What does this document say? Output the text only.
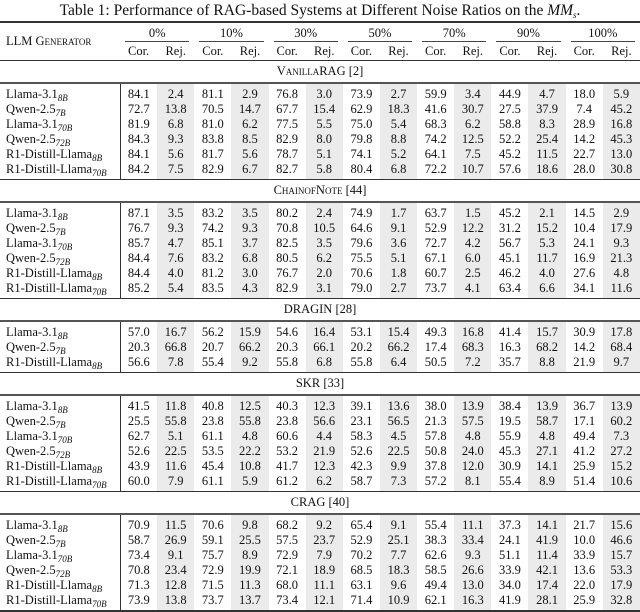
Table 1: Performance of RAG-based Systems at Different Noise Ratios on the $MM_s$.
LLM Generator	0%		10%		30%		50%		70%		90%		100%	

	Cor.	Rej.	Cor.	Rej.	Cor.	Rej.	Cor.	Rej.	Cor.	Rej.	Cor.	Rej.	Cor.	Rej.
VanillaRAG [2]														
Llama-$3.1_{8B}$	84.1	2.4	81.1	2.9	76.8	3.0	73.9	2.7	59.9	3.4	44.9	4.7	18.0	5.9
Qwen-$2.5_{7B}$	72.7	13.8	70.5	14.7	67.7	15.4	62.9	18.3	41.6	30.7	27.5	37.9	7.4	45.2
Llama-$3.1_{70B}$	81.9	6.8	81.0	6.2	77.5	5.5	75.0	5.4	68.3	6.2	58.8	8.3	28.9	16.8
Qwen-$2.5_{72B}$	84.3	9.3	83.8	8.5	82.9	8.0	79.8	8.8	74.2	12.5	52.2	25.4	14.2	45.3
R1-Distill-Llama$_{8B}$	84.1	5.6	81.7	5.6	78.7	5.1	74.1	5.2	64.1	7.5	45.2	11.5	22.7	13.0
R1-Distill-Llama$_{70B}$	84.2	7.5	82.9	6.7	82.7	5.8	80.4	6.8	72.2	10.7	57.6	18.6	28.0	30.8
ChainofNote [44]														
Llama-$3.1_{8B}$	87.1	3.5	83.2	3.5	80.2	2.4	74.9	1.7	63.7	1.5	45.2	2.1	14.5	2.9
Qwen-$2.5_{7B}$	76.7	9.3	74.2	9.3	70.8	10.5	64.6	9.1	52.9	12.2	31.2	15.2	10.4	17.9
Llama-$3.1_{70B}$	85.7	4.7	85.1	3.7	82.5	3.5	79.6	3.6	72.7	4.2	56.7	5.3	24.1	9.3
Qwen-$2.5_{72B}$	84.4	7.6	83.2	6.8	80.5	6.2	75.5	5.1	67.1	6.0	45.1	11.7	16.9	21.3
R1-Distill-Llama$_{8B}$	84.4	4.0	81.2	3.0	76.7	2.0	70.6	1.8	60.7	2.5	46.2	4.0	27.6	4.8
R1-Distill-Llama$_{70B}$	85.2	5.4	83.5	4.3	82.9	3.1	79.0	2.7	73.7	4.1	63.4	6.6	34.1	11.6
DRAGIN [28]														
Llama-$3.1_{8B}$	57.0	16.7	56.2	15.9	54.6	16.4	53.1	15.4	49.3	16.8	41.4	15.7	30.9	17.8
Qwen-$2.5_{7B}$	20.3	66.8	20.7	66.2	20.3	66.1	20.2	66.2	17.4	68.3	16.3	68.2	14.2	68.4
R1-Distill-Llama$_{8B}$	56.6	7.8	55.4	9.2	55.8	6.8	55.8	6.4	50.5	7.2	35.7	8.8	21.9	9.7
SKR [33]														
Llama-$3.1_{8B}$	41.5	11.8	40.8	12.5	40.3	12.3	39.1	13.6	38.0	13.9	38.4	13.9	36.7	13.9
Qwen-$2.5_{7B}$	25.5	55.8	23.8	55.8	23.8	56.6	23.1	56.5	21.3	57.5	19.5	58.7	17.1	60.2
Llama-$3.1_{70B}$	62.7	5.1	61.1	4.8	60.6	4.4	58.3	4.5	57.8	4.8	55.9	4.8	49.4	7.3
Qwen-$2.5_{72B}$	52.6	22.5	53.5	22.2	53.2	21.9	52.6	22.5	50.8	24.0	45.3	27.1	41.2	27.2
R1-Distill-Llama$_{8B}$	43.9	11.6	45.4	10.8	41.7	12.3	42.3	9.9	37.8	12.0	30.9	14.1	25.9	15.2
R1-Distill-Llama$_{70B}$	60.0	7.9	61.1	5.9	61.2	6.2	58.7	7.3	57.2	8.1	55.4	8.9	51.4	10.6
CRAG [40]														
Llama-$3.1_{8B}$	70.9	11.5	70.6	9.8	68.2	9.2	65.4	9.1	55.4	11.1	37.3	14.1	21.7	15.6
Qwen-$2.5_{7B}$	58.7	26.9	59.1	25.5	57.5	23.7	52.9	25.1	38.3	33.4	24.1	41.9	10.0	46.6
Llama-$3.1_{70B}$	73.4	9.1	75.7	8.9	72.9	7.9	70.2	7.7	62.6	9.3	51.1	11.4	33.9	15.7
Qwen-$2.5_{72B}$	70.8	23.4	72.9	19.9	72.1	18.9	68.5	18.3	58.5	26.6	33.9	42.1	13.6	53.3
R1-Distill-Llama$_{8B}$	71.3	12.8	71.5	11.3	68.0	11.1	63.1	9.6	49.4	13.0	34.0	17.4	22.0	17.9
R1-Distill-Llama$_{70B}$	73.9	13.8	73.7	13.7	73.4	12.1	71.4	10.9	62.1	16.3	41.9	28.1	25.9	32.8
